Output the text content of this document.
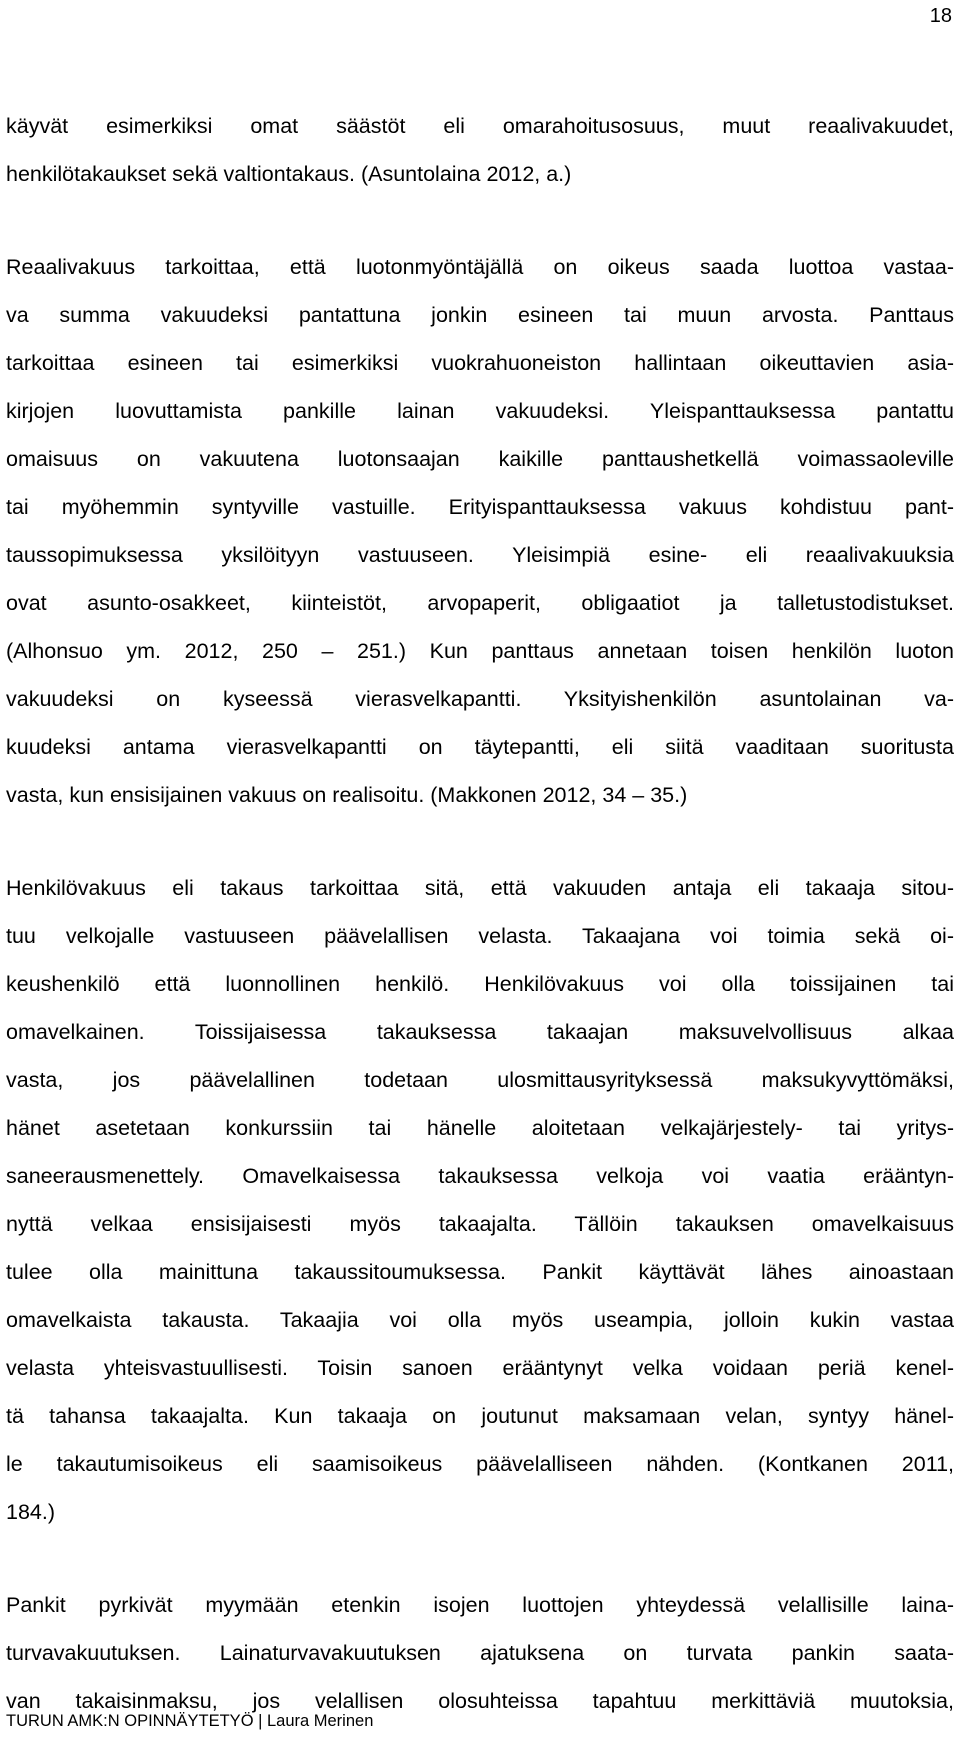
18
käyvät esimerkiksi omat säästöt eli omarahoitusosuus, muut reaalivakuudet,
henkilötakaukset sekä valtiontakaus. (Asuntolaina 2012, a.)
Reaalivakuus tarkoittaa, että luotonmyöntäjällä on oikeus saada luottoa vastaa-
va summa vakuudeksi pantattuna jonkin esineen tai muun arvosta. Panttaus
tarkoittaa esineen tai esimerkiksi vuokrahuoneiston hallintaan oikeuttavien asia-
kirjojen luovuttamista pankille lainan vakuudeksi. Yleispanttauksessa pantattu
omaisuus on vakuutena luotonsaajan kaikille panttaushetkellä voimassaoleville
tai myöhemmin syntyville vastuille. Erityispanttauksessa vakuus kohdistuu pant-
taussopimuksessa yksilöityyn vastuuseen. Yleisimpiä esine- eli reaalivakuuksia
ovat asunto-osakkeet, kiinteistöt, arvopaperit, obligaatiot ja talletustodistukset.
(Alhonsuo ym. 2012, 250 – 251.) Kun panttaus annetaan toisen henkilön luoton
vakuudeksi on kyseessä vierasvelkapantti. Yksityishenkilön asuntolainan va-
kuudeksi antama vierasvelkapantti on täytepantti, eli siitä vaaditaan suoritusta
vasta, kun ensisijainen vakuus on realisoitu. (Makkonen 2012, 34 – 35.)
Henkilövakuus eli takaus tarkoittaa sitä, että vakuuden antaja eli takaaja sitou-
tuu velkojalle vastuuseen päävelallisen velasta. Takaajana voi toimia sekä oi-
keushenkilö että luonnollinen henkilö. Henkilövakuus voi olla toissijainen tai
omavelkainen. Toissijaisessa takauksessa takaajan maksuvelvollisuus alkaa
vasta, jos päävelallinen todetaan ulosmittausyrityksessä maksukyvyttömäksi,
hänet asetetaan konkurssiin tai hänelle aloitetaan velkajärjestely- tai yritys-
saneerausmenettely. Omavelkaisessa takauksessa velkoja voi vaatia erääntyn-
nyttä velkaa ensisijaisesti myös takaajalta. Tällöin takauksen omavelkaisuus
tulee olla mainittuna takaussitoumuksessa. Pankit käyttävät lähes ainoastaan
omavelkaista takausta. Takaajia voi olla myös useampia, jolloin kukin vastaa
velasta yhteisvastuullisesti. Toisin sanoen erääntynyt velka voidaan periä kenel-
tä tahansa takaajalta. Kun takaaja on joutunut maksamaan velan, syntyy hänel-
le takautumisoikeus eli saamisoikeus päävelalliseen nähden. (Kontkanen 2011,
184.)
Pankit pyrkivät myymään etenkin isojen luottojen yhteydessä velallisille laina-
turvavakuutuksen. Lainaturvavakuutuksen ajatuksena on turvata pankin saata-
van takaisinmaksu, jos velallisen olosuhteissa tapahtuu merkittäviä muutoksia,
TURUN AMK:N OPINNÄYTETYÖ | Laura Merinen
